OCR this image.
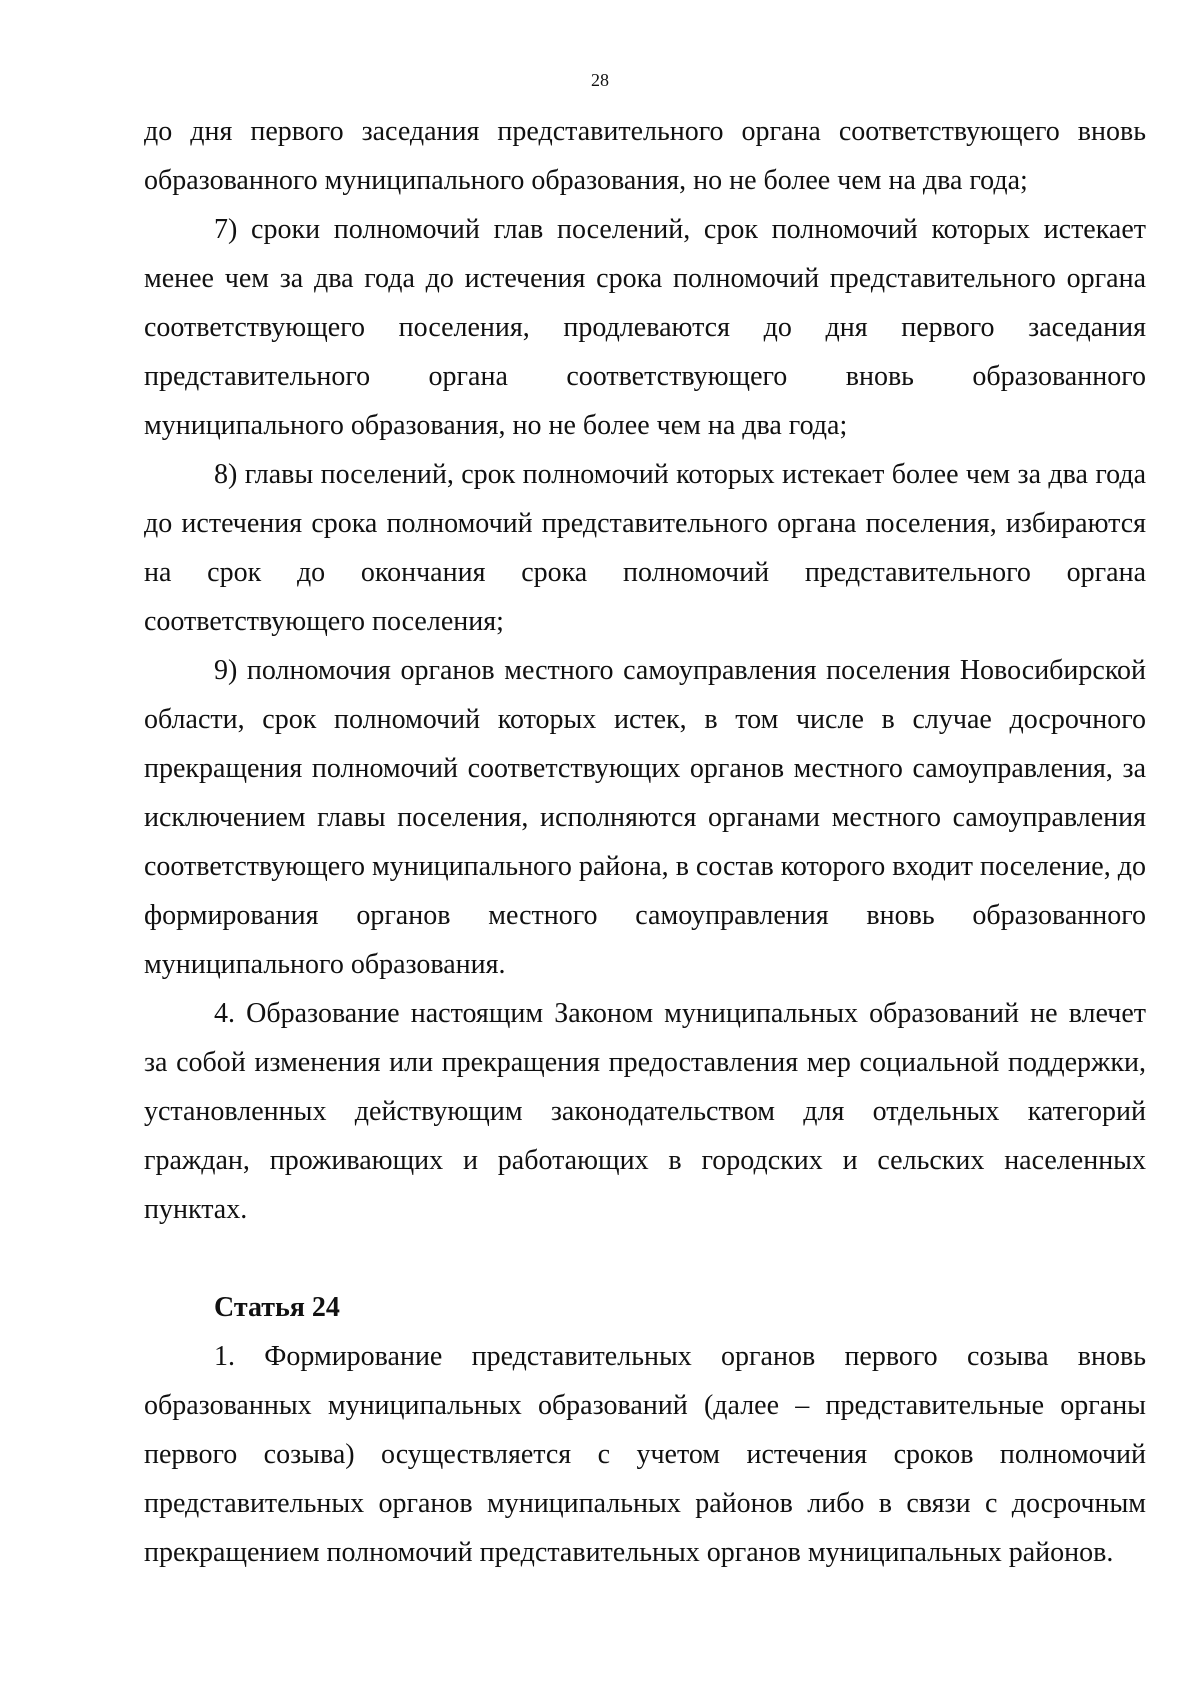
28

до дня первого заседания представительного органа соответствующего вновь образованного муниципального образования, но не более чем на два года;

7) сроки полномочий глав поселений, срок полномочий которых истекает менее чем за два года до истечения срока полномочий представительного органа соответствующего поселения, продлеваются до дня первого заседания представительного органа соответствующего вновь образованного муниципального образования, но не более чем на два года;

8) главы поселений, срок полномочий которых истекает более чем за два года до истечения срока полномочий представительного органа поселения, избираются на срок до окончания срока полномочий представительного органа соответствующего поселения;

9) полномочия органов местного самоуправления поселения Новосибирской области, срок полномочий которых истек, в том числе в случае досрочного прекращения полномочий соответствующих органов местного самоуправления, за исключением главы поселения, исполняются органами местного самоуправления соответствующего муниципального района, в состав которого входит поселение, до формирования органов местного самоуправления вновь образованного муниципального образования.

4. Образование настоящим Законом муниципальных образований не влечет за собой изменения или прекращения предоставления мер социальной поддержки, установленных действующим законодательством для отдельных категорий граждан, проживающих и работающих в городских и сельских населенных пунктах.

Статья 24

1. Формирование представительных органов первого созыва вновь образованных муниципальных образований (далее – представительные органы первого созыва) осуществляется с учетом истечения сроков полномочий представительных органов муниципальных районов либо в связи с досрочным прекращением полномочий представительных органов муниципальных районов.
